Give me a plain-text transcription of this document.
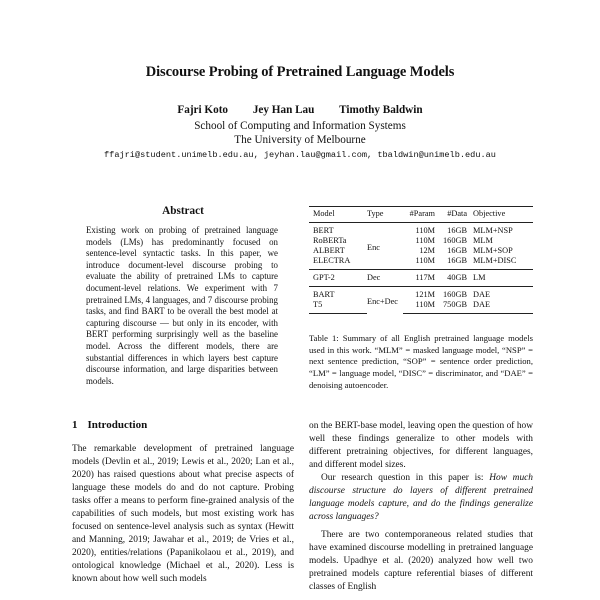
Discourse Probing of Pretrained Language Models
Fajri Koto Jey Han Lau Timothy Baldwin
School of Computing and Information Systems
The University of Melbourne
ffajri@student.unimelb.edu.au, jeyhan.lau@gmail.com, tbaldwin@unimelb.edu.au
Abstract
Existing work on probing of pretrained language models (LMs) has predominantly focused on sentence-level syntactic tasks. In this paper, we introduce document-level discourse probing to evaluate the ability of pretrained LMs to capture document-level relations. We experiment with 7 pretrained LMs, 4 languages, and 7 discourse probing tasks, and find BART to be overall the best model at capturing discourse — but only in its encoder, with BERT performing surprisingly well as the baseline model. Across the different models, there are substantial differences in which layers best capture discourse information, and large disparities between models.
1 Introduction
The remarkable development of pretrained language models (Devlin et al., 2019; Lewis et al., 2020; Lan et al., 2020) has raised questions about what precise aspects of language these models do and do not capture. Probing tasks offer a means to perform fine-grained analysis of the capabilities of such models, but most existing work has focused on sentence-level analysis such as syntax (Hewitt and Manning, 2019; Jawahar et al., 2019; de Vries et al., 2020), entities/relations (Papanikolaou et al., 2019), and ontological knowledge (Michael et al., 2020). Less is known about how well such models
Model	Type	#Param	#Data	Objective
BERT	Enc	110M	16GB	MLM+NSP
RoBERTa		110M	160GB	MLM
ALBERT		12M	16GB	MLM+SOP
ELECTRA		110M	16GB	MLM+DISC
GPT-2	Dec	117M	40GB	LM
BART	Enc+Dec	121M	160GB	DAE
T5		110M	750GB	DAE
Table 1: Summary of all English pretrained language models used in this work. “MLM” = masked language model, “NSP” = next sentence prediction, “SOP” = sentence order prediction, “LM” = language model, “DISC” = discriminator, and “DAE” = denoising autoencoder.

on the BERT-base model, leaving open the question of how well these findings generalize to other models with different pretraining objectives, for different languages, and different model sizes.

Our research question in this paper is: How much discourse structure do layers of different pretrained language models capture, and do the findings generalize across languages?

There are two contemporaneous related studies that have examined discourse modelling in pretrained language models. Upadhye et al. (2020) analyzed how well two pretrained models capture referential biases of different classes of English
